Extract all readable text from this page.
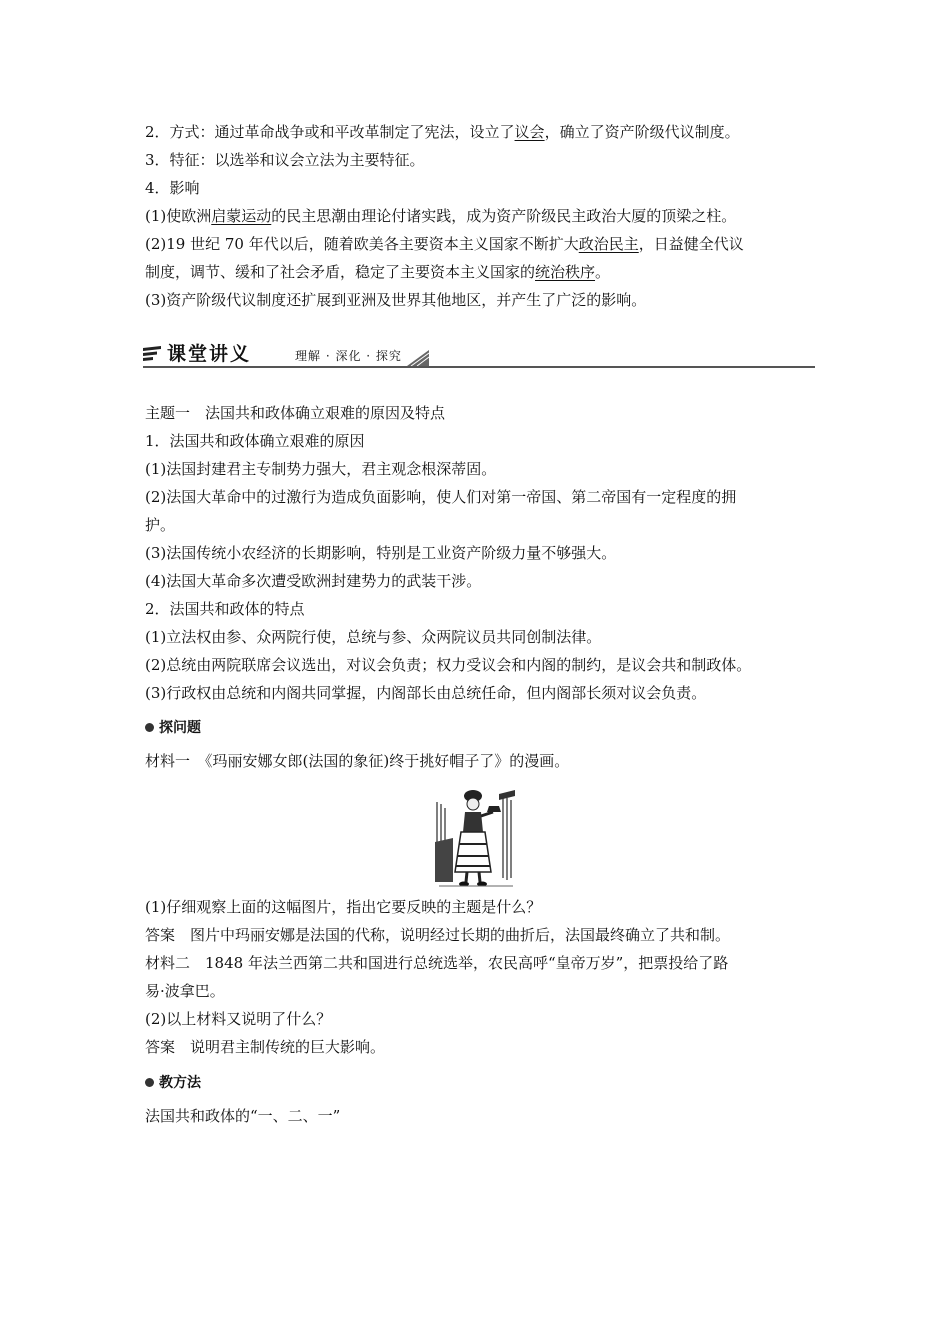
2．方式：通过革命战争或和平改革制定了宪法，设立了议会，确立了资产阶级代议制度。
3．特征：以选举和议会立法为主要特征。
4．影响
(1)使欧洲启蒙运动的民主思潮由理论付诸实践，成为资产阶级民主政治大厦的顶梁之柱。
(2)19 世纪 70 年代以后，随着欧美各主要资本主义国家不断扩大政治民主，日益健全代议
制度，调节、缓和了社会矛盾，稳定了主要资本主义国家的统治秩序。
(3)资产阶级代议制度还扩展到亚洲及世界其他地区，并产生了广泛的影响。
课堂讲义	理解 · 深化 · 探究
主题一　法国共和政体确立艰难的原因及特点
1．法国共和政体确立艰难的原因
(1)法国封建君主专制势力强大，君主观念根深蒂固。
(2)法国大革命中的过激行为造成负面影响，使人们对第一帝国、第二帝国有一定程度的拥
护。
(3)法国传统小农经济的长期影响，特别是工业资产阶级力量不够强大。
(4)法国大革命多次遭受欧洲封建势力的武装干涉。
2．法国共和政体的特点
(1)立法权由参、众两院行使，总统与参、众两院议员共同创制法律。
(2)总统由两院联席会议选出，对议会负责；权力受议会和内阁的制约，是议会共和制政体。
(3)行政权由总统和内阁共同掌握，内阁部长由总统任命，但内阁部长须对议会负责。
探问题
材料一　《玛丽安娜女郎(法国的象征)终于挑好帽子了》的漫画。
(1)仔细观察上面的这幅图片，指出它要反映的主题是什么？
答案　图片中玛丽安娜是法国的代称，说明经过长期的曲折后，法国最终确立了共和制。
材料二　1848 年法兰西第二共和国进行总统选举，农民高呼“皇帝万岁”，把票投给了路
易·波拿巴。
(2)以上材料又说明了什么？
答案　说明君主制传统的巨大影响。
教方法
法国共和政体的“一、二、一”
